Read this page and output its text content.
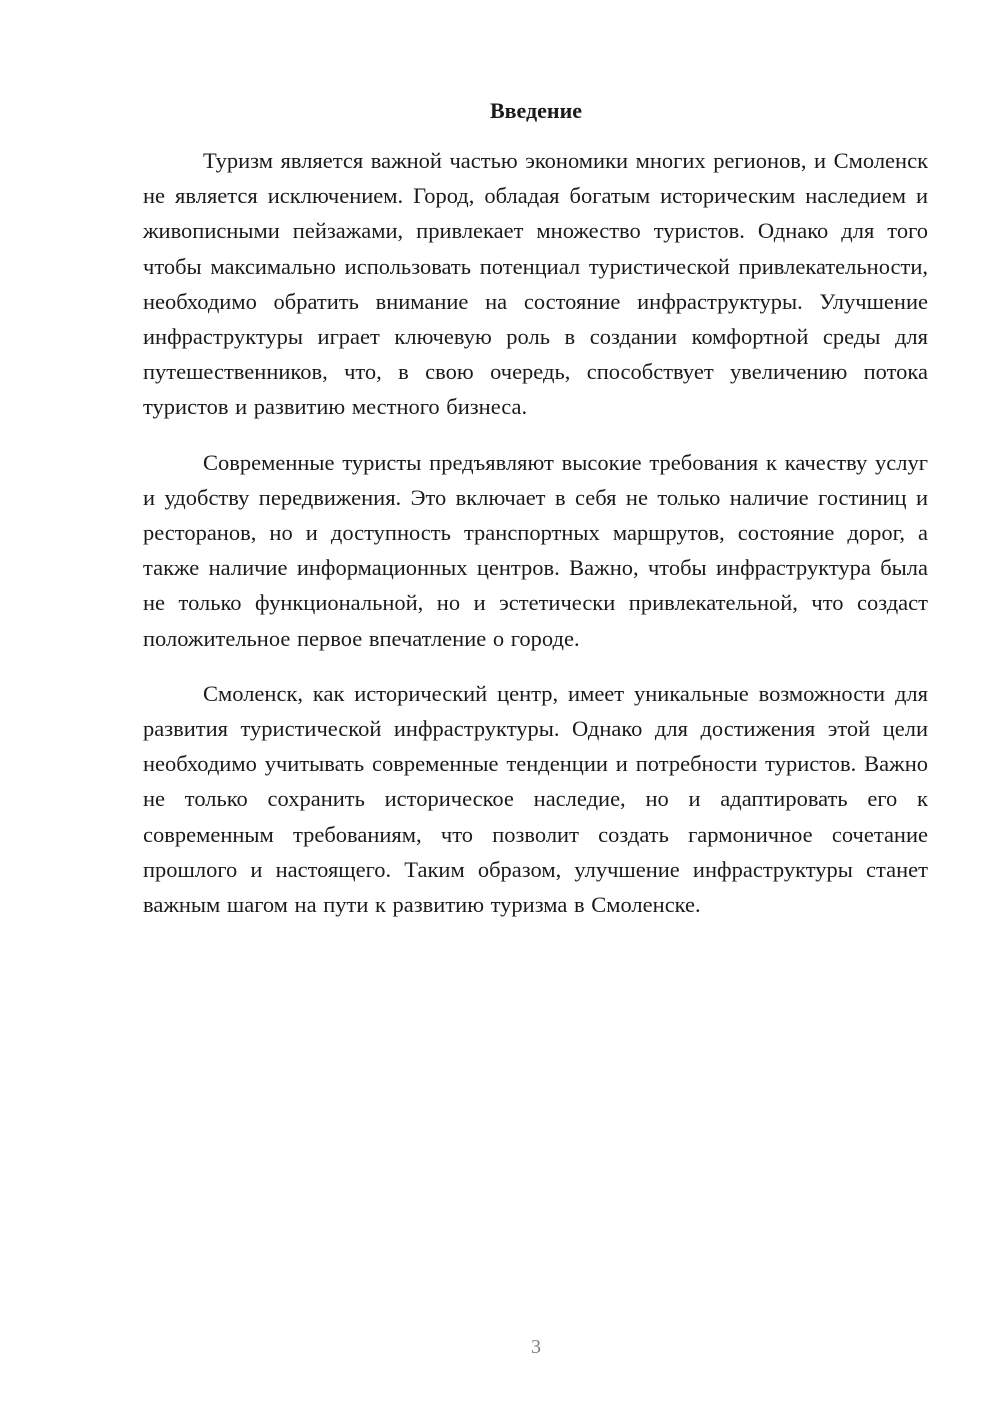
Введение

Туризм является важной частью экономики многих регионов, и Смоленск не является исключением. Город, обладая богатым историческим наследием и живописными пейзажами, привлекает множество туристов. Однако для того чтобы максимально использовать потенциал туристической привлекательности, необходимо обратить внимание на состояние инфраструктуры. Улучшение инфраструктуры играет ключевую роль в создании комфортной среды для путешественников, что, в свою очередь, способствует увеличению потока туристов и развитию местного бизнеса.

Современные туристы предъявляют высокие требования к качеству услуг и удобству передвижения. Это включает в себя не только наличие гостиниц и ресторанов, но и доступность транспортных маршрутов, состояние дорог, а также наличие информационных центров. Важно, чтобы инфраструктура была не только функциональной, но и эстетически привлекательной, что создаст положительное первое впечатление о городе.

Смоленск, как исторический центр, имеет уникальные возможности для развития туристической инфраструктуры. Однако для достижения этой цели необходимо учитывать современные тенденции и потребности туристов. Важно не только сохранить историческое наследие, но и адаптировать его к современным требованиям, что позволит создать гармоничное сочетание прошлого и настоящего. Таким образом, улучшение инфраструктуры станет важным шагом на пути к развитию туризма в Смоленске.

3
